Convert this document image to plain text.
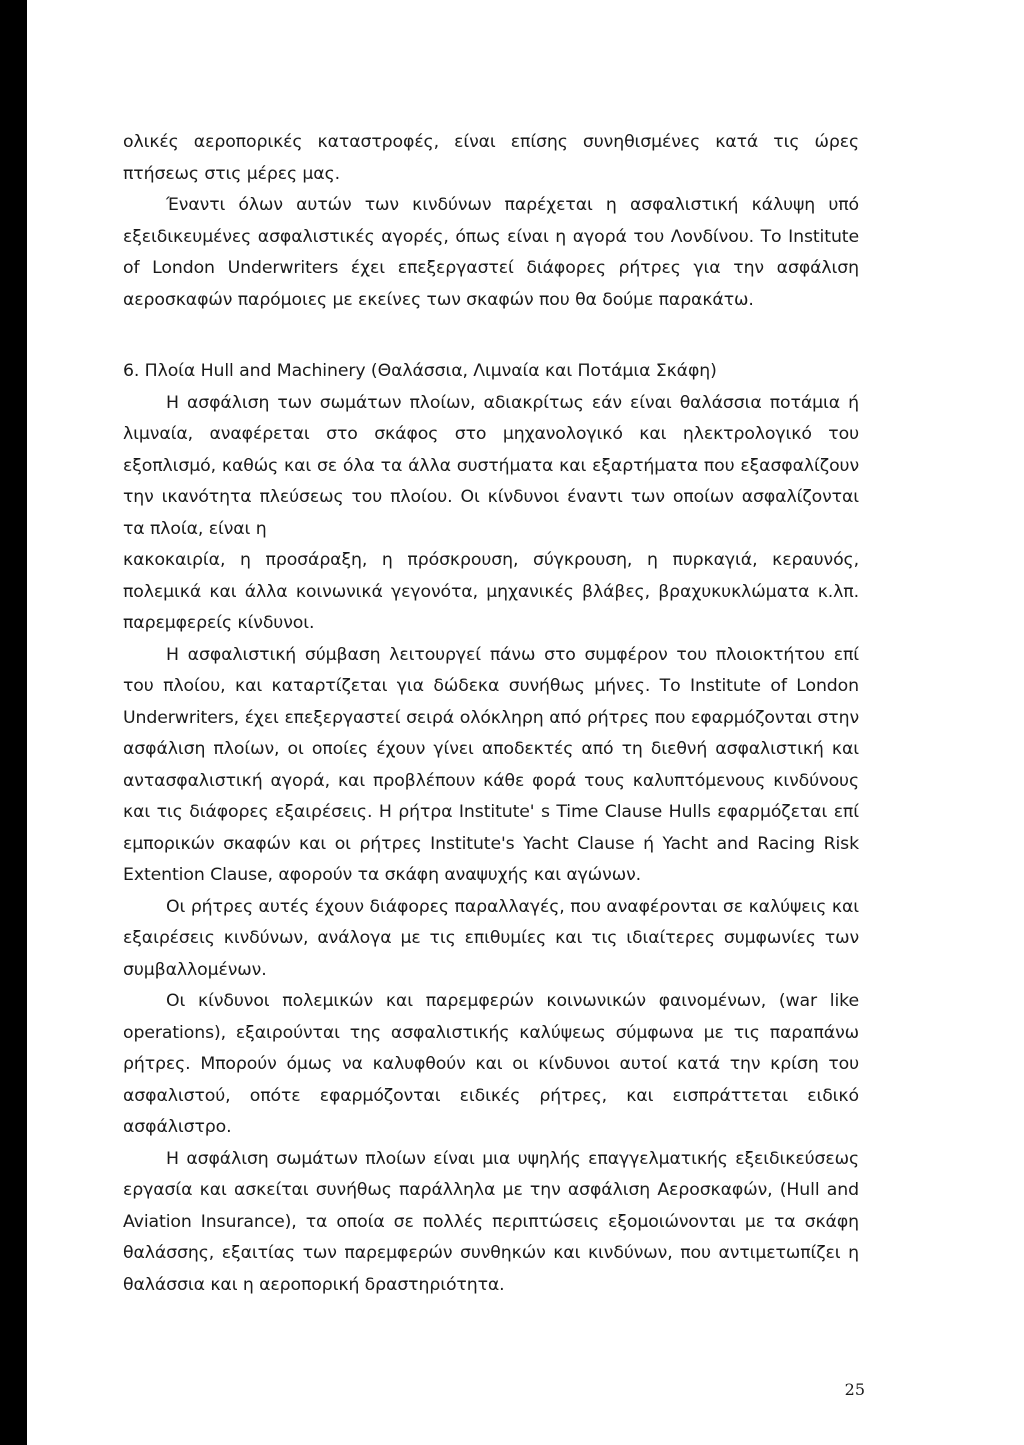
ολικές αεροπορικές καταστροφές, είναι επίσης συνηθισμένες κατά τις ώρες πτήσεως στις μέρες μας.

Έναντι όλων αυτών των κινδύνων παρέχεται η ασφαλιστική κάλυψη υπό εξειδικευμένες ασφαλιστικές αγορές, όπως είναι η αγορά του Λονδίνου. Το Institute of London Underwriters έχει επεξεργαστεί διάφορες ρήτρες για την ασφάλιση αεροσκαφών παρόμοιες με εκείνες των σκαφών που θα δούμε παρακάτω.

6. Πλοία Hull and Machinery (Θαλάσσια, Λιμναία και Ποτάμια Σκάφη)

Η ασφάλιση των σωμάτων πλοίων, αδιακρίτως εάν είναι θαλάσσια ποτάμια ή λιμναία, αναφέρεται στο σκάφος στο μηχανολογικό και ηλεκτρολογικό του εξοπλισμό, καθώς και σε όλα τα άλλα συστήματα και εξαρτήματα που εξασφαλίζουν την ικανότητα πλεύσεως του πλοίου. Οι κίνδυνοι έναντι των οποίων ασφαλίζονται τα πλοία, είναι η

κακοκαιρία, η προσάραξη, η πρόσκρουση, σύγκρουση, η πυρκαγιά, κεραυνός, πολεμικά και άλλα κοινωνικά γεγονότα, μηχανικές βλάβες, βραχυκυκλώματα κ.λπ. παρεμφερείς κίνδυνοι.

Η ασφαλιστική σύμβαση λειτουργεί πάνω στο συμφέρον του πλοιοκτήτου επί του πλοίου, και καταρτίζεται για δώδεκα συνήθως μήνες. Το Institute of London Underwriters, έχει επεξεργαστεί σειρά ολόκληρη από ρήτρες που εφαρμόζονται στην ασφάλιση πλοίων, οι οποίες έχουν γίνει αποδεκτές από τη διεθνή ασφαλιστική και αντασφαλιστική αγορά, και προβλέπουν κάθε φορά τους καλυπτόμενους κινδύνους και τις διάφορες εξαιρέσεις. Η ρήτρα Institute' s Time Clause Hulls εφαρμόζεται επί εμπορικών σκαφών και οι ρήτρες Institute's Yacht Clause ή Yacht and Racing Risk Extention Clause, αφορούν τα σκάφη αναψυχής και αγώνων.

Οι ρήτρες αυτές έχουν διάφορες παραλλαγές, που αναφέρονται σε καλύψεις και εξαιρέσεις κινδύνων, ανάλογα με τις επιθυμίες και τις ιδιαίτερες συμφωνίες των συμβαλλομένων.

Οι κίνδυνοι πολεμικών και παρεμφερών κοινωνικών φαινομένων, (war like operations), εξαιρούνται της ασφαλιστικής καλύψεως σύμφωνα με τις παραπάνω ρήτρες. Μπορούν όμως να καλυφθούν και οι κίνδυνοι αυτοί κατά την κρίση του ασφαλιστού, οπότε εφαρμόζονται ειδικές ρήτρες, και εισπράττεται ειδικό ασφάλιστρο.

Η ασφάλιση σωμάτων πλοίων είναι μια υψηλής επαγγελματικής εξειδικεύσεως εργασία και ασκείται συνήθως παράλληλα με την ασφάλιση Αεροσκαφών, (Hull and Aviation Insurance), τα οποία σε πολλές περιπτώσεις εξομοιώνονται με τα σκάφη θαλάσσης, εξαιτίας των παρεμφερών συνθηκών και κινδύνων, που αντιμετωπίζει η θαλάσσια και η αεροπορική δραστηριότητα.

25
